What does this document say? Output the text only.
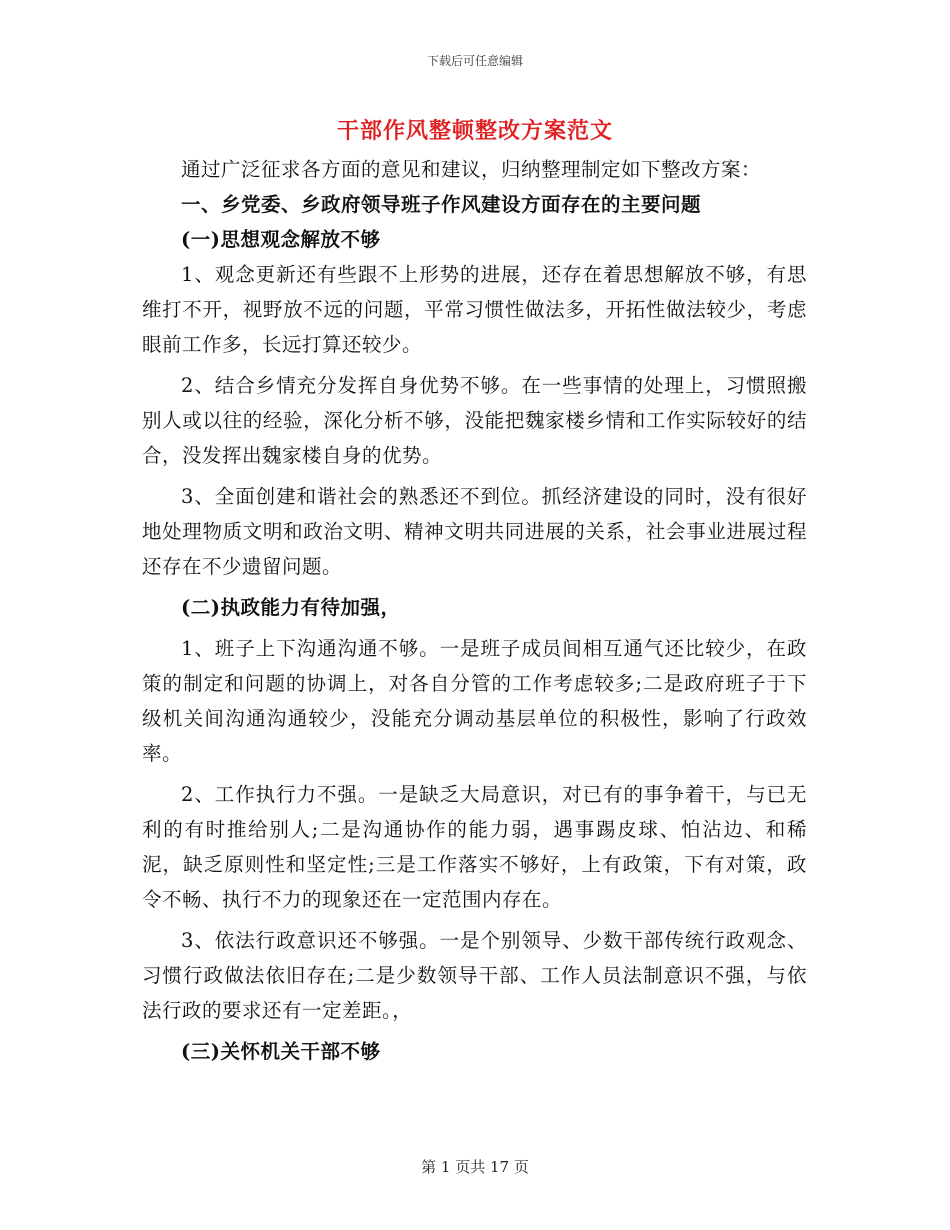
下载后可任意编辑
干部作风整顿整改方案范文

通过广泛征求各方面的意见和建议，归纳整理制定如下整改方案：

一、乡党委、乡政府领导班子作风建设方面存在的主要问题

(一)思想观念解放不够

1、观念更新还有些跟不上形势的进展，还存在着思想解放不够，有思维打不开，视野放不远的问题，平常习惯性做法多，开拓性做法较少，考虑眼前工作多，长远打算还较少。

2、结合乡情充分发挥自身优势不够。在一些事情的处理上，习惯照搬别人或以往的经验，深化分析不够，没能把魏家楼乡情和工作实际较好的结合，没发挥出魏家楼自身的优势。

3、全面创建和谐社会的熟悉还不到位。抓经济建设的同时，没有很好地处理物质文明和政治文明、精神文明共同进展的关系，社会事业进展过程还存在不少遗留问题。

(二)执政能力有待加强，

1、班子上下沟通沟通不够。一是班子成员间相互通气还比较少，在政策的制定和问题的协调上，对各自分管的工作考虑较多;二是政府班子于下级机关间沟通沟通较少，没能充分调动基层单位的积极性，影响了行政效率。

2、工作执行力不强。一是缺乏大局意识，对已有的事争着干，与已无利的有时推给别人;二是沟通协作的能力弱，遇事踢皮球、怕沾边、和稀泥，缺乏原则性和坚定性;三是工作落实不够好，上有政策，下有对策，政令不畅、执行不力的现象还在一定范围内存在。

3、依法行政意识还不够强。一是个别领导、少数干部传统行政观念、习惯行政做法依旧存在;二是少数领导干部、工作人员法制意识不强，与依法行政的要求还有一定差距。，

(三)关怀机关干部不够

第 1 页共 17 页
